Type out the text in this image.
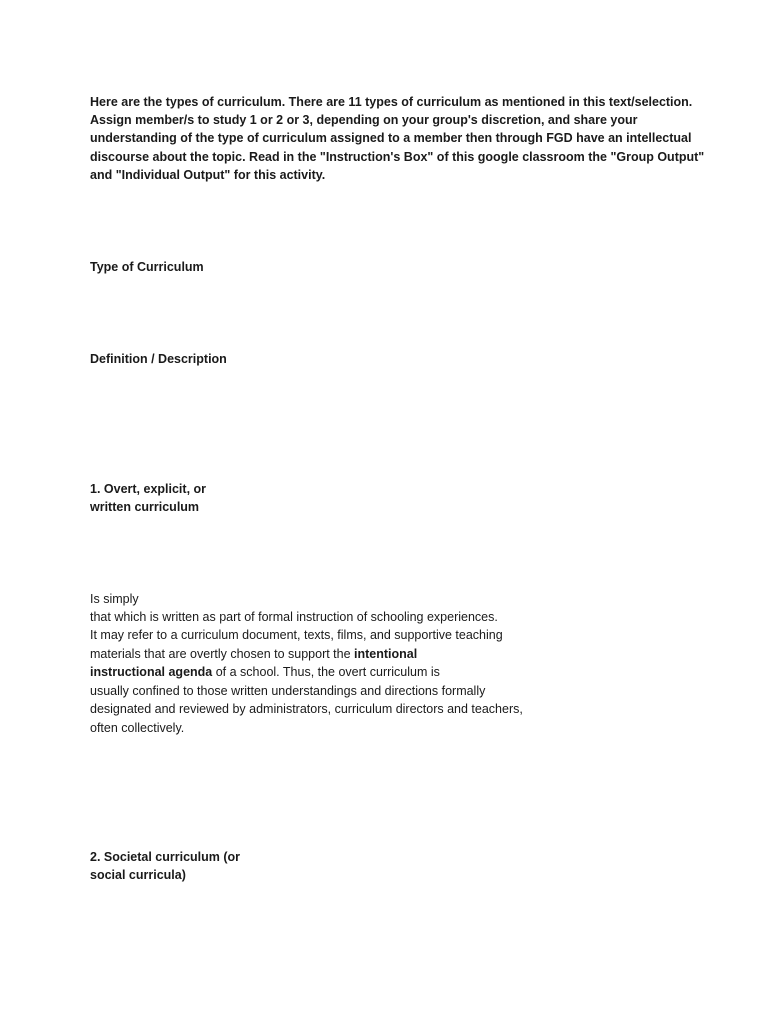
Here are the types of curriculum. There are 11 types of curriculum as mentioned in this text/selection.
Assign member/s to study 1 or 2 or 3, depending on your group's discretion, and share your
understanding of the type of curriculum assigned to a member then through FGD have an intellectual
discourse about the topic. Read in the "Instruction's Box" of this google classroom the "Group Output"
and "Individual Output" for this activity.
Type of Curriculum
Definition / Description
1. Overt, explicit, or
written curriculum
Is simply
that which is written as part of formal instruction of schooling experiences.
It may refer to a curriculum document, texts, films, and supportive teaching
materials that are overtly chosen to support the intentional
instructional agenda of a school. Thus, the overt curriculum is
usually confined to those written understandings and directions formally
designated and reviewed by administrators, curriculum directors and teachers,
often collectively.
2. Societal curriculum (or
social curricula)
